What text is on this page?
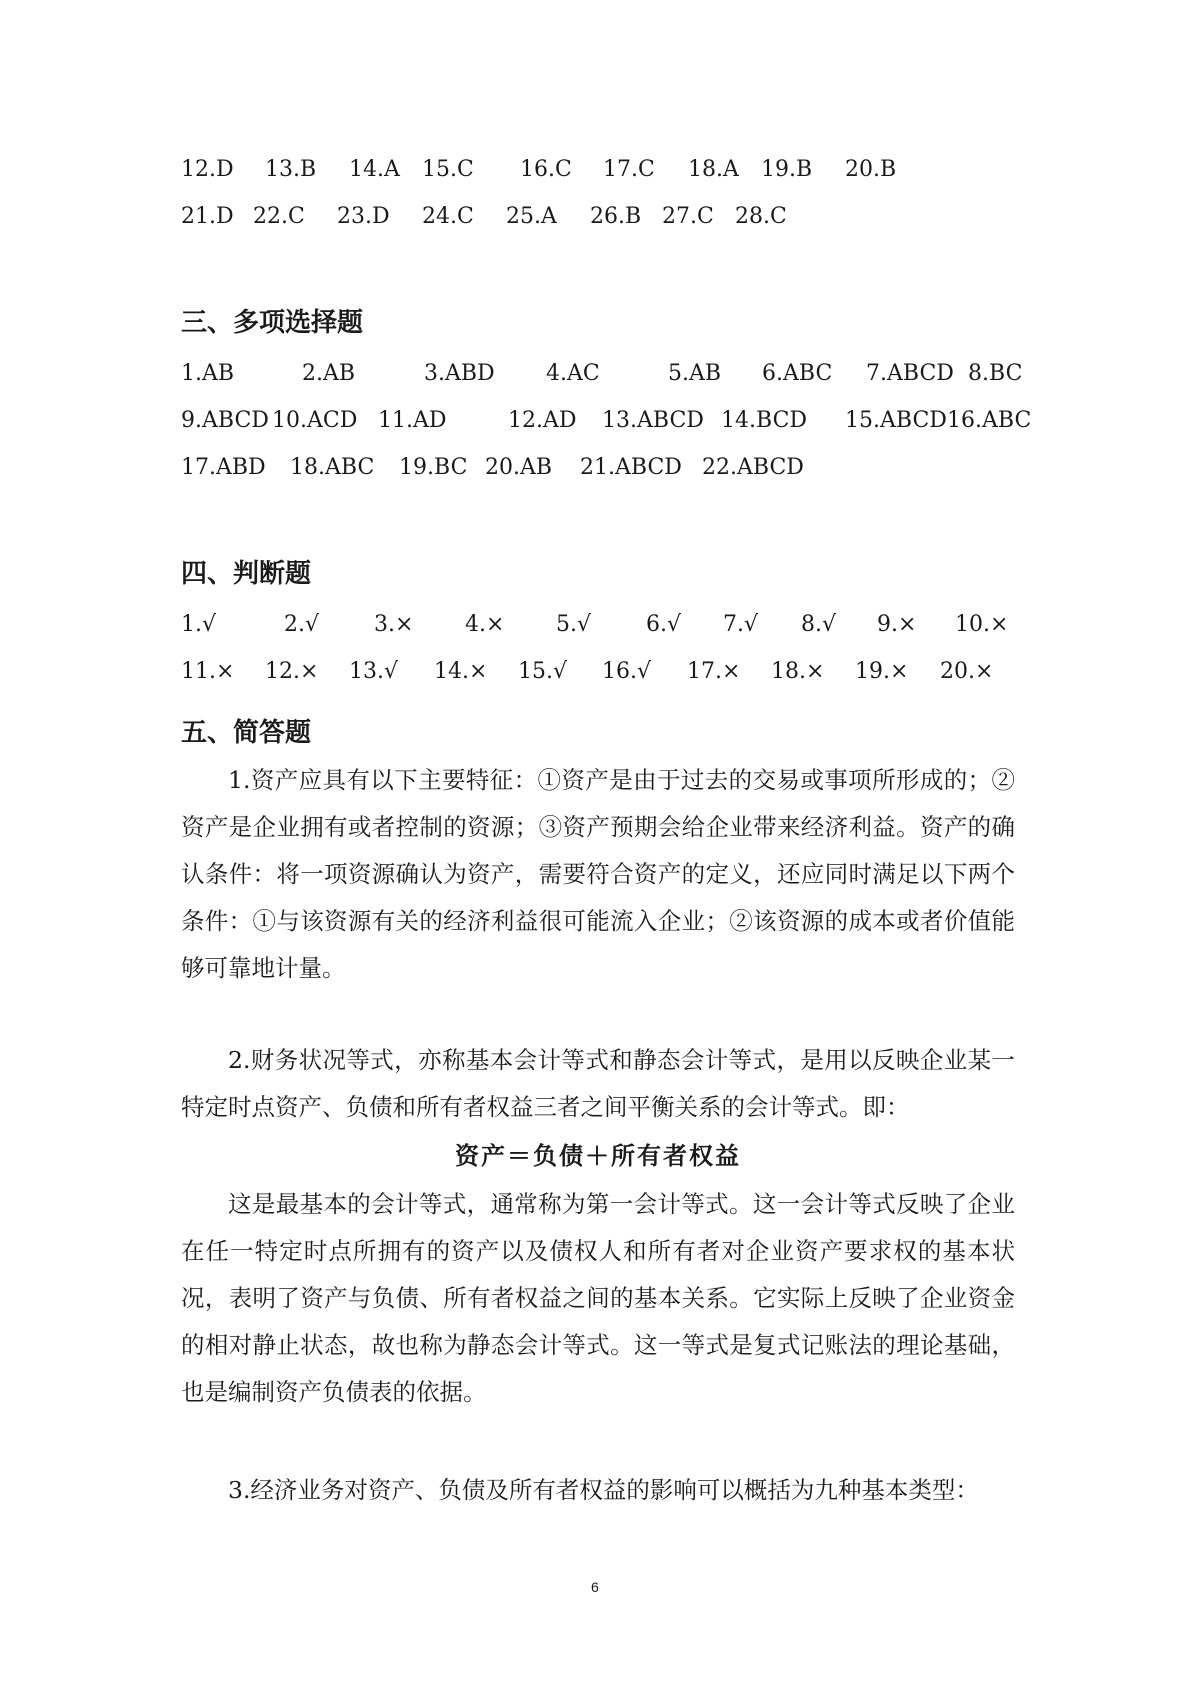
12.D 13.B 14.A 15.C 16.C 17.C 18.A 19.B 20.B
21.D 22.C 23.D 24.C 25.A 26.B 27.C 28.C
三、多项选择题
1.AB	2.AB	3.ABD 4.AC	5.AB 6.ABC 7.ABCD 8.BC
9.ABCD 10.ACD 11.AD	12.AD 13.ABCD 14.BCD 15.ABCD 16.ABC
17.ABD 18.ABC 19.BC 20.AB 21.ABCD 22.ABCD
四、判断题
1.√	2.√ 3.× 4.× 5.√ 6.√ 7.√ 8.√ 9.× 10.×
11.× 12.× 13.√ 14.× 15.√ 16.√ 17.× 18.× 19.× 20.×
五、简答题

1.资产应具有以下主要特征：①资产是由于过去的交易或事项所形成的；②资产是企业拥有或者控制的资源；③资产预期会给企业带来经济利益。资产的确认条件：将一项资源确认为资产，需要符合资产的定义，还应同时满足以下两个条件：①与该资源有关的经济利益很可能流入企业；②该资源的成本或者价值能够可靠地计量。

2.财务状况等式，亦称基本会计等式和静态会计等式，是用以反映企业某一特定时点资产、负债和所有者权益三者之间平衡关系的会计等式。即：

资产＝负债＋所有者权益

这是最基本的会计等式，通常称为第一会计等式。这一会计等式反映了企业在任一特定时点所拥有的资产以及债权人和所有者对企业资产要求权的基本状况，表明了资产与负债、所有者权益之间的基本关系。它实际上反映了企业资金的相对静止状态，故也称为静态会计等式。这一等式是复式记账法的理论基础，也是编制资产负债表的依据。

3.经济业务对资产、负债及所有者权益的影响可以概括为九种基本类型：

6
